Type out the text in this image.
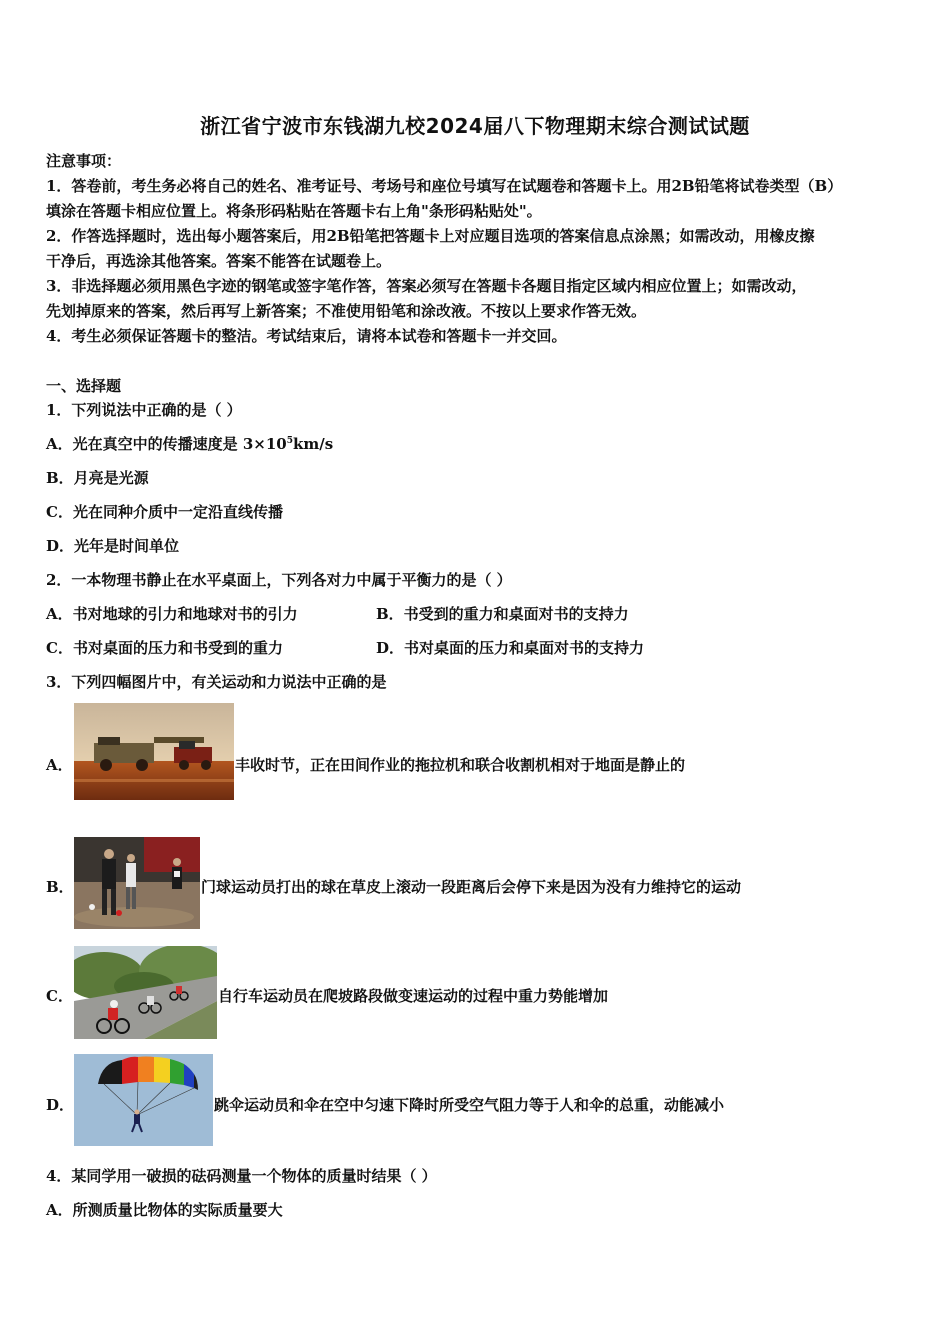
浙江省宁波市东钱湖九校2024届八下物理期末综合测试试题
注意事项：
1．答卷前，考生务必将自己的姓名、准考证号、考场号和座位号填写在试题卷和答题卡上。用2B铅笔将试卷类型（B）
填涂在答题卡相应位置上。将条形码粘贴在答题卡右上角"条形码粘贴处"。
2．作答选择题时，选出每小题答案后，用2B铅笔把答题卡上对应题目选项的答案信息点涂黑；如需改动，用橡皮擦
干净后，再选涂其他答案。答案不能答在试题卷上。
3．非选择题必须用黑色字迹的钢笔或签字笔作答，答案必须写在答题卡各题目指定区域内相应位置上；如需改动，
先划掉原来的答案，然后再写上新答案；不准使用铅笔和涂改液。不按以上要求作答无效。
4．考生必须保证答题卡的整洁。考试结束后，请将本试卷和答题卡一并交回。
一、选择题
1．下列说法中正确的是（ ）
A．光在真空中的传播速度是 $3\times 10^5km/s$
B．月亮是光源
C．光在同种介质中一定沿直线传播
D．光年是时间单位
2．一本物理书静止在水平桌面上，下列各对力中属于平衡力的是（ ）
A．书对地球的引力和地球对书的引力	B．书受到的重力和桌面对书的支持力
C．书对桌面的压力和书受到的重力	D．书对桌面的压力和桌面对书的支持力
3．下列四幅图片中，有关运动和力说法中正确的是
A．	丰收时节，正在田间作业的拖拉机和联合收割机相对于地面是静止的
B．	门球运动员打出的球在草皮上滚动一段距离后会停下来是因为没有力维持它的运动
C．	自行车运动员在爬坡路段做变速运动的过程中重力势能增加
D．	跳伞运动员和伞在空中匀速下降时所受空气阻力等于人和伞的总重，动能减小
4．某同学用一破损的砝码测量一个物体的质量时结果（ ）
A．所测质量比物体的实际质量要大
